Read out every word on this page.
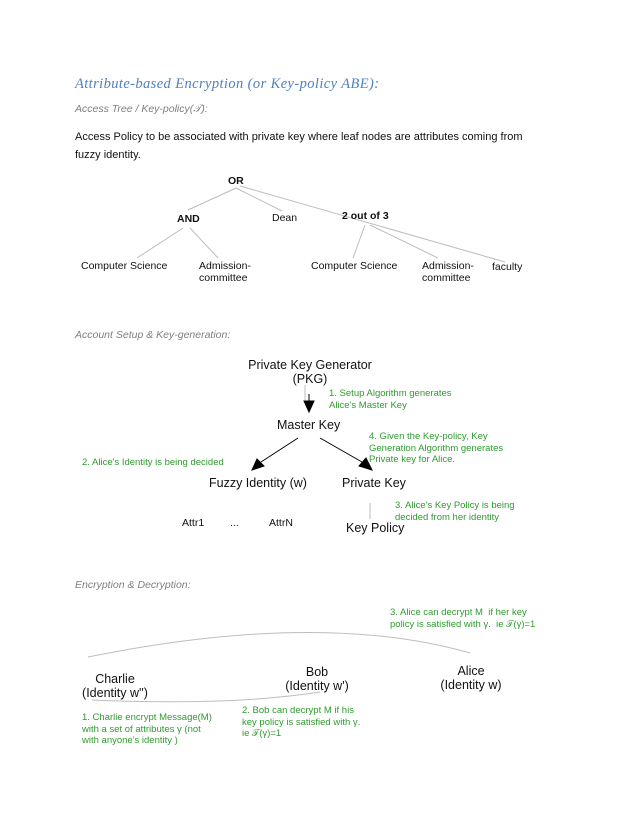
Attribute-based Encryption (or Key-policy ABE):
Access Tree / Key-policy(𝒯):
Access Policy to be associated with private key where leaf nodes are attributes coming from fuzzy identity.
OR
AND	Dean	2 out of 3
Computer Science	Admission-
committee
Computer Science Admission-
committee
faculty
Account Setup & Key-generation:
Private Key Generator
(PKG)
1. Setup Algorithm generates
Alice's Master Key
Master Key
4. Given the Key-policy, Key
Generation Algorithm generates
Private key for Alice.
2. Alice's Identity is being decided
Fuzzy Identity (w)	Private Key
3. Alice's Key Policy is being
decided from her identity
Attr1 ...	AttrN	Key Policy
Encryption & Decryption:
3. Alice can decrypt M  if her key
policy is satisfied with γ.  ie 𝒯(γ)=1
Charlie
(Identity w'')
Bob
(Identity w')
Alice
(Identity w)
1. Charlie encrypt Message(M)
with a set of attributes γ (not
with anyone's identity )
2. Bob can decrypt M if his
key policy is satisfied with γ.
ie 𝒯(γ)=1
